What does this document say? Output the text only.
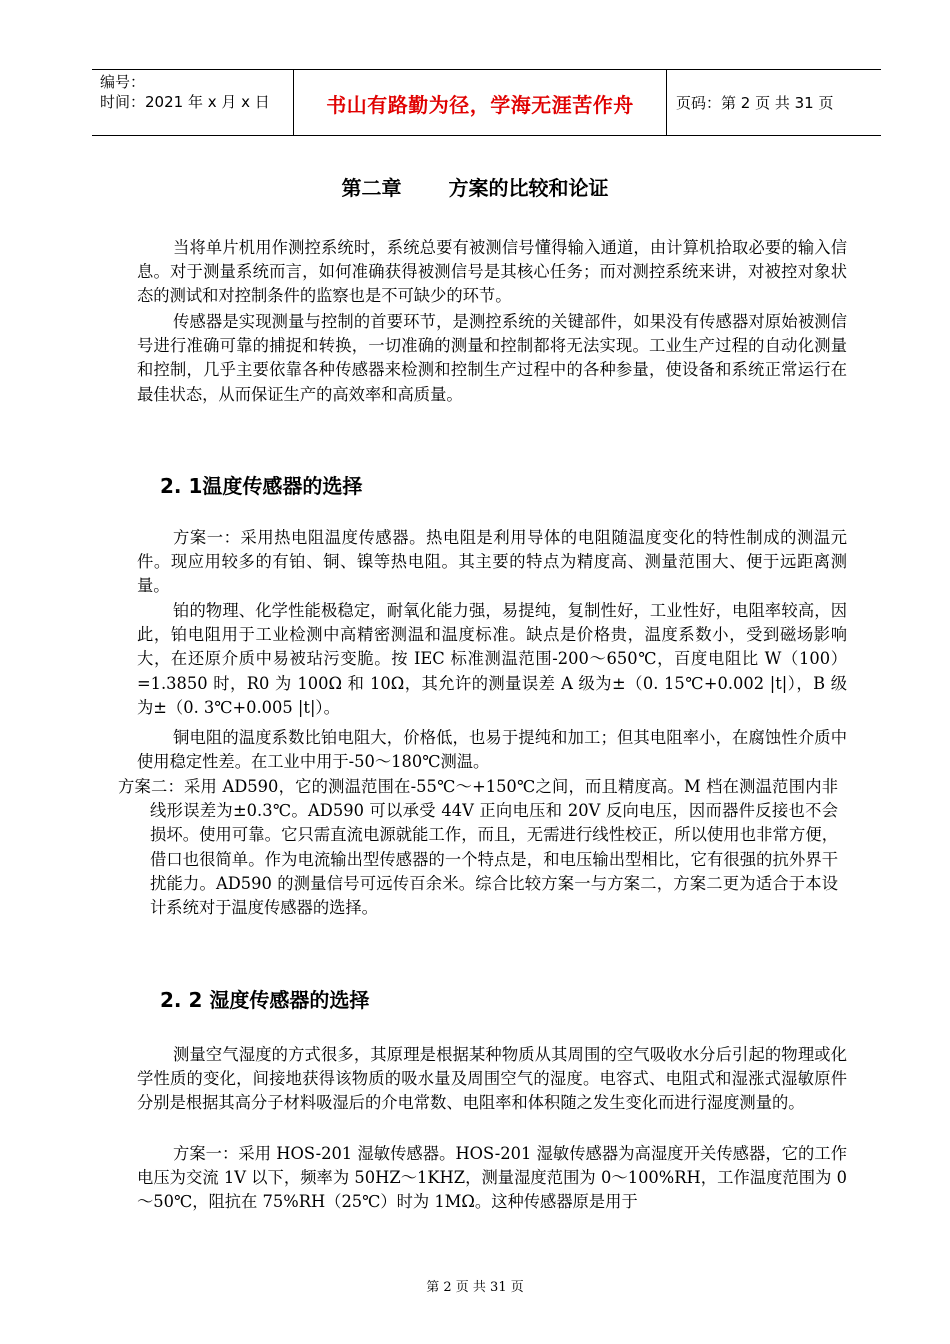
编号：
时间：2021 年 x 月 x 日	书山有路勤为径，学海无涯苦作舟	页码：第 2 页 共 31 页
第二章 方案的比较和论证
当将单片机用作测控系统时，系统总要有被测信号懂得输入通道，由计算机拾取必要的输入信息。对于测量系统而言，如何准确获得被测信号是其核心任务；而对测控系统来讲，对被控对象状态的测试和对控制条件的监察也是不可缺少的环节。
传感器是实现测量与控制的首要环节，是测控系统的关键部件，如果没有传感器对原始被测信号进行准确可靠的捕捉和转换，一切准确的测量和控制都将无法实现。工业生产过程的自动化测量和控制，几乎主要依靠各种传感器来检测和控制生产过程中的各种参量，使设备和系统正常运行在最佳状态，从而保证生产的高效率和高质量。
2. 1温度传感器的选择
方案一：采用热电阻温度传感器。热电阻是利用导体的电阻随温度变化的特性制成的测温元件。现应用较多的有铂、铜、镍等热电阻。其主要的特点为精度高、测量范围大、便于远距离测量。
铂的物理、化学性能极稳定，耐氧化能力强，易提纯，复制性好，工业性好，电阻率较高，因此，铂电阻用于工业检测中高精密测温和温度标准。缺点是价格贵，温度系数小，受到磁场影响大，在还原介质中易被玷污变脆。按 IEC 标准测温范围-200～650℃，百度电阻比 W（100）=1.3850 时，R0 为 100Ω 和 10Ω，其允许的测量误差 A 级为±（0. 15℃+0.002 |t|），B 级为±（0. 3℃+0.005 |t|）。
铜电阻的温度系数比铂电阻大，价格低，也易于提纯和加工；但其电阻率小，在腐蚀性介质中使用稳定性差。在工业中用于-50～180℃测温。
方案二：采用 AD590，它的测温范围在-55℃～+150℃之间，而且精度高。M 档在测温范围内非线形误差为±0.3℃。AD590 可以承受 44V 正向电压和 20V 反向电压，因而器件反接也不会损坏。使用可靠。它只需直流电源就能工作，而且，无需进行线性校正，所以使用也非常方便，借口也很简单。作为电流输出型传感器的一个特点是，和电压输出型相比，它有很强的抗外界干扰能力。AD590 的测量信号可远传百余米。综合比较方案一与方案二，方案二更为适合于本设计系统对于温度传感器的选择。
2. 2 湿度传感器的选择
测量空气湿度的方式很多，其原理是根据某种物质从其周围的空气吸收水分后引起的物理或化学性质的变化，间接地获得该物质的吸水量及周围空气的湿度。电容式、电阻式和湿涨式湿敏原件分别是根据其高分子材料吸湿后的介电常数、电阻率和体积随之发生变化而进行湿度测量的。
方案一：采用 HOS-201 湿敏传感器。HOS-201 湿敏传感器为高湿度开关传感器，它的工作电压为交流 1V 以下，频率为 50HZ～1KHZ，测量湿度范围为 0～100%RH，工作温度范围为 0～50℃，阻抗在 75%RH（25℃）时为 1MΩ。这种传感器原是用于
第 2 页 共 31 页
